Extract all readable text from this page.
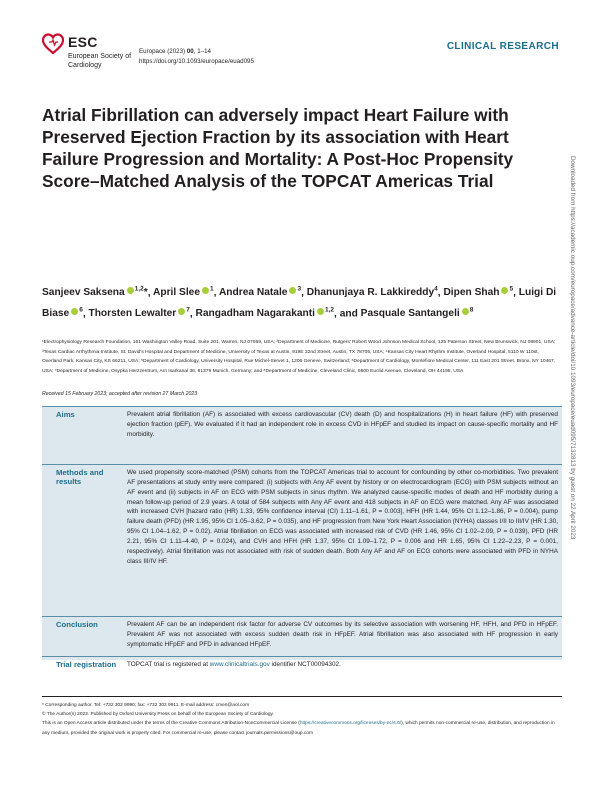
ESC
European Society of Cardiology
Europace (2023) 00, 1–14
https://doi.org/10.1093/europace/euad095
CLINICAL RESEARCH
Atrial Fibrillation can adversely impact Heart Failure with Preserved Ejection Fraction by its association with Heart Failure Progression and Mortality: A Post-Hoc Propensity Score–Matched Analysis of the TOPCAT Americas Trial
Sanjeev Saksena $^{1,2}$*, April Slee $^1$, Andrea Natale $^3$, Dhanunjaya R. Lakkireddy$^4$, Dipen Shah $^5$, Luigi Di Biase $^6$, Thorsten Lewalter $^7$, Rangadham Nagarakanti $^{1,2}$, and Pasquale Santangeli $^8$
¹Electrophysiology Research Foundation, 161 Washington Valley Road, Suite 201, Warren, NJ 07059, USA; ²Department of Medicine, Rutgers' Robert Wood Johnson Medical School, 125 Paterson Street, New Brunswick, NJ 08901, USA; ³Texas Cardiac Arrhythmia Institute, St. David's Hospital and Department of Medicine, University of Texas at Austin, 919E 32nd Street, Austin, TX 78705, USA; ⁴Kansas City Heart Rhythm Institute, Overland Hospital, 5110 W 110st, Overland Park, Kansas City, KS 66211, USA; ⁵Department of Cardiology, University Hospital, Rue Michel-Servet 1, 1206 Geneve, Switzerland; ⁶Department of Cardiology, Montefiore Medical Center, 111 East 201 Street, Bronx, NY 10467, USA; ⁷Department of Medicine, Osypka Herzzentrum, Am Isarkanal 36, 81379 Munich, Germany; and ⁸Department of Medicine, Cleveland Clinic, 9500 Euclid Avenue, Cleveland, OH 44195, USA
Received 15 February 2023; accepted after revision 27 March 2023
Aims	Prevalent atrial fibrillation (AF) is associated with excess cardiovascular (CV) death (D) and hospitalizations (H) in heart failure (HF) with preserved ejection fraction (pEF). We evaluated if it had an independent role in excess CVD in HFpEF and studied its impact on cause-specific mortality and HF morbidity.
Methods and results
We used propensity score-matched (PSM) cohorts from the TOPCAT Americas trial to account for confounding by other co-morbidities. Two prevalent AF presentations at study entry were compared: (i) subjects with Any AF event by history or on electrocardiogram (ECG) with PSM subjects without an AF event and (ii) subjects in AF on ECG with PSM subjects in sinus rhythm. We analyzed cause-specific modes of death and HF morbidity during a mean follow-up period of 2.9 years. A total of 584 subjects with Any AF event and 418 subjects in AF on ECG were matched. Any AF was associated with increased CVH [hazard ratio (HR) 1.33, 95% confidence interval (CI) 1.11–1.61, P = 0.003], HFH (HR 1.44, 95% CI 1.12–1.86, P = 0.004), pump failure death (PFD) (HR 1.95, 95% CI 1.05–3.62, P = 0.035), and HF progression from New York Heart Association (NYHA) classes I/II to III/IV (HR 1.30, 95% CI 1.04–1.62, P = 0.02). Atrial fibrillation on ECG was associated with increased risk of CVD (HR 1.46, 95% CI 1.02–2.09, P = 0.039), PFD (HR 2.21, 95% CI 1.11–4.40, P = 0.024), and CVH and HFH (HR 1.37, 95% CI 1.09–1.72, P = 0.006 and HR 1.65, 95% CI 1.22–2.23, P = 0.001, respectively). Atrial fibrillation was not associated with risk of sudden death. Both Any AF and AF on ECG cohorts were associated with PFD in NYHA class III/IV HF.
Conclusion	Prevalent AF can be an independent risk factor for adverse CV outcomes by its selective association with worsening HF, HFH, and PFD in HFpEF. Prevalent AF was not associated with excess sudden death risk in HFpEF. Atrial fibrillation was also associated with HF progression in early symptomatic HFpEF and PFD in advanced HFpEF.
Trial registration TOPCAT trial is registered at www.clinicaltrials.gov identifier NCT00094302.
* Corresponding author. Tel: +732 302 9990; fax: +732 302 9911. E-mail address: cmen@aol.com
© The Author(s) 2023. Published by Oxford University Press on behalf of the European Society of Cardiology.
This is an Open Access article distributed under the terms of the Creative Commons Attribution-NonCommercial License (https://creativecommons.org/licenses/by-nc/4.0/), which permits non-commercial re-use, distribution, and reproduction in any medium, provided the original work is properly cited. For commercial re-use, please contact journals.permissions@oup.com
Downloaded from https://academic.oup.com/europace/advance-article/doi/10.1093/europace/euad095/7132813 by guest on 22 April 2023
